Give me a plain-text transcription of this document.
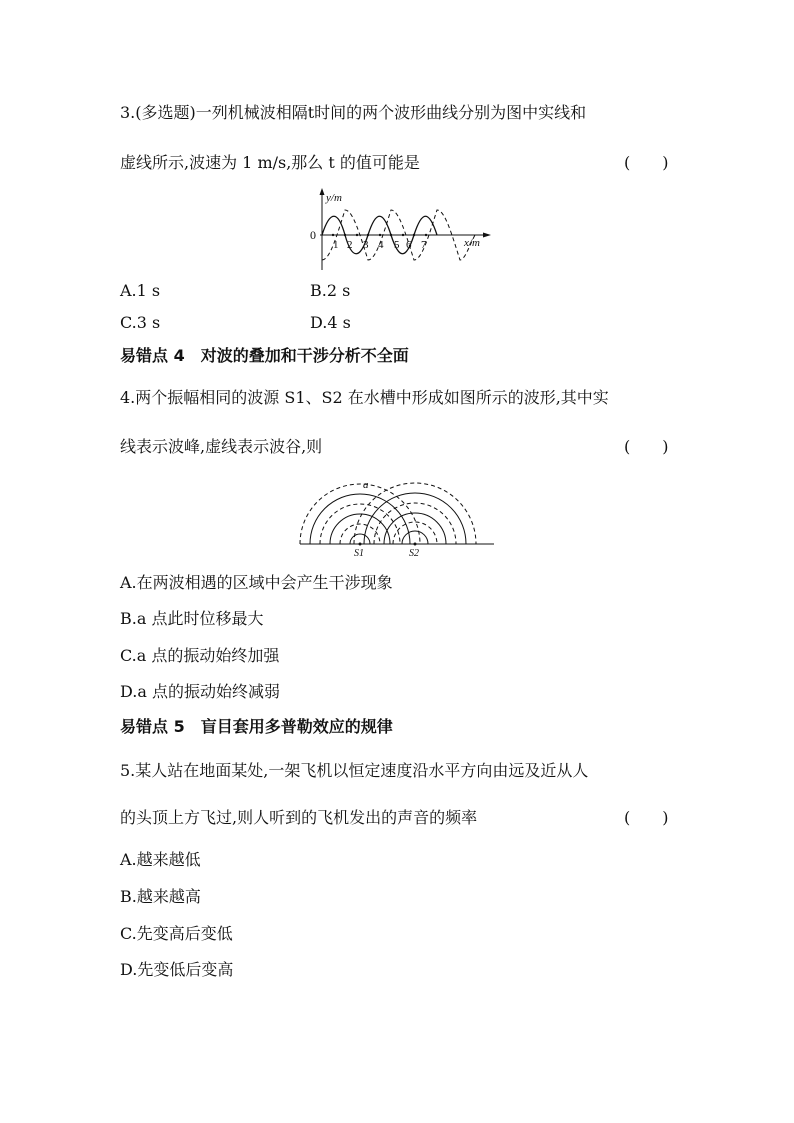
3.(多选题)一列机械波相隔t时间的两个波形曲线分别为图中实线和
虚线所示,波速为 1 m/s,那么 t 的值可能是	(　　)
y/m
x/m
0
1 2 3 4 5 6 7
A.1 s	B.2 s
C.3 s	D.4 s
易错点 4　对波的叠加和干涉分析不全面
4.两个振幅相同的波源 S1、S2 在水槽中形成如图所示的波形,其中实
线表示波峰,虚线表示波谷,则	(　　)
a
S1	S2
A.在两波相遇的区域中会产生干涉现象
B.a 点此时位移最大
C.a 点的振动始终加强
D.a 点的振动始终减弱
易错点 5　盲目套用多普勒效应的规律
5.某人站在地面某处,一架飞机以恒定速度沿水平方向由远及近从人
的头顶上方飞过,则人听到的飞机发出的声音的频率	(　　)
A.越来越低
B.越来越高
C.先变高后变低
D.先变低后变高
